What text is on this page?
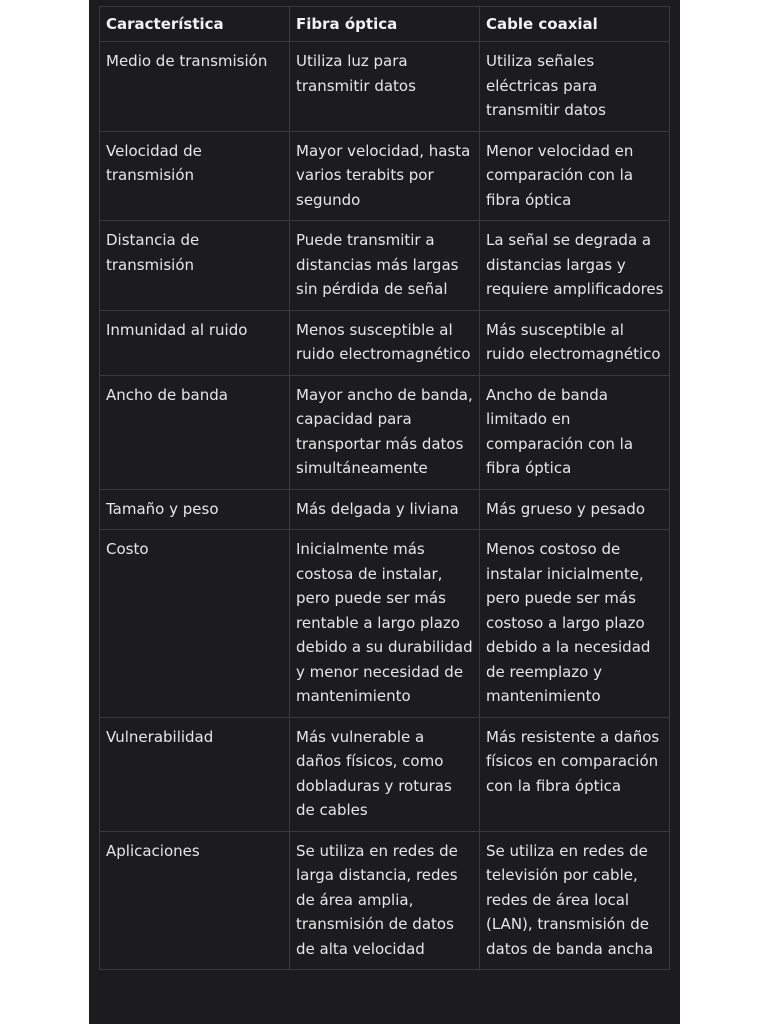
Característica	Fibra óptica	Cable coaxial
Medio de transmisión	Utiliza luz para transmitir datos	Utiliza señales eléctricas para transmitir datos
Velocidad de transmisión	Mayor velocidad, hasta varios terabits por segundo	Menor velocidad en comparación con la fibra óptica
Distancia de transmisión	Puede transmitir a distancias más largas sin pérdida de señal	La señal se degrada a distancias largas y requiere amplificadores
Inmunidad al ruido	Menos susceptible al ruido electromagnético	Más susceptible al ruido electromagnético
Ancho de banda	Mayor ancho de banda, capacidad para transportar más datos simultáneamente	Ancho de banda limitado en comparación con la fibra óptica
Tamaño y peso	Más delgada y liviana	Más grueso y pesado
Costo	Inicialmente más costosa de instalar, pero puede ser más rentable a largo plazo debido a su durabilidad y menor necesidad de mantenimiento	Menos costoso de instalar inicialmente, pero puede ser más costoso a largo plazo debido a la necesidad de reemplazo y mantenimiento
Vulnerabilidad	Más vulnerable a daños físicos, como dobladuras y roturas de cables	Más resistente a daños físicos en comparación con la fibra óptica
Aplicaciones	Se utiliza en redes de larga distancia, redes de área amplia, transmisión de datos de alta velocidad	Se utiliza en redes de televisión por cable, redes de área local (LAN), transmisión de datos de banda ancha
